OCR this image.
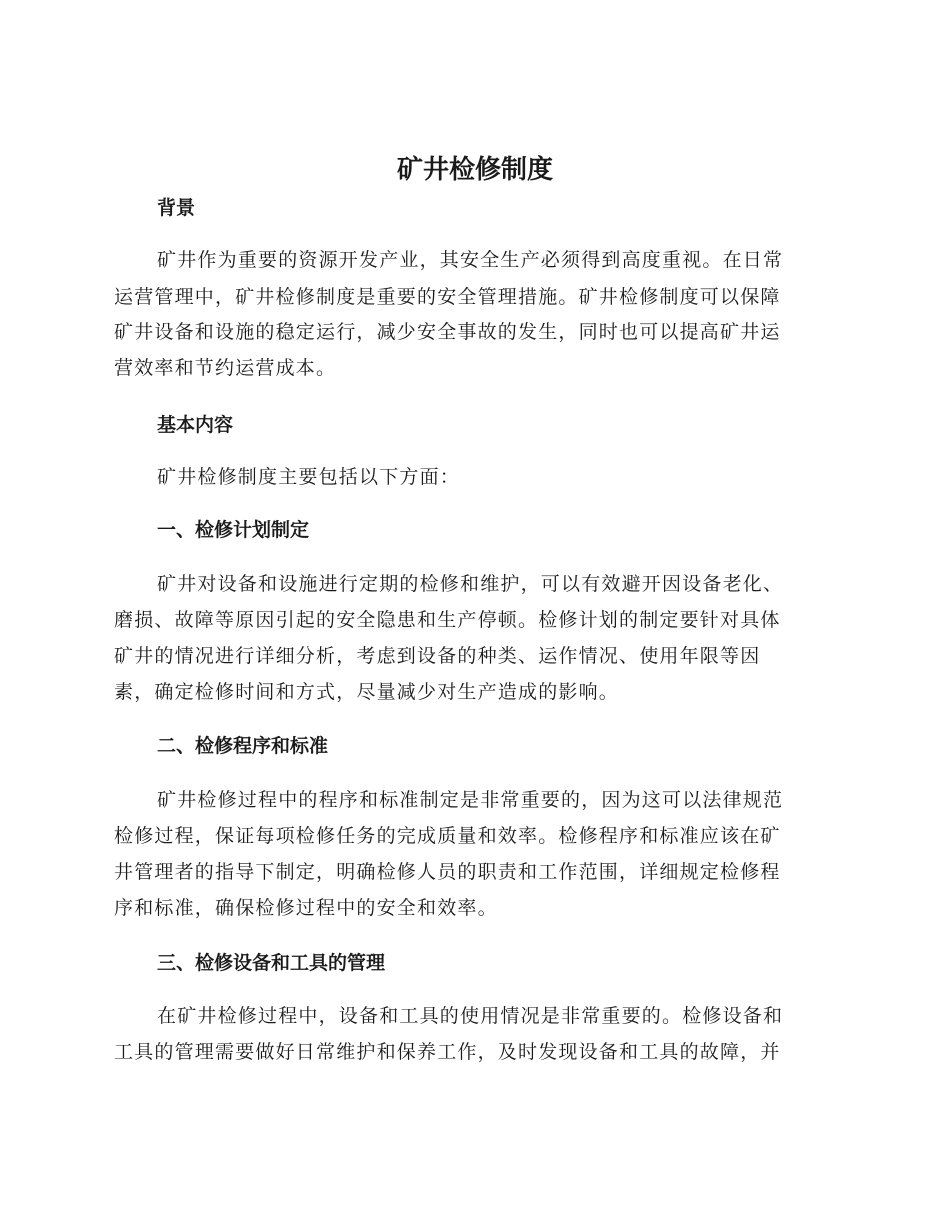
矿井检修制度
背景
矿井作为重要的资源开发产业，其安全生产必须得到高度重视。在日常
运营管理中，矿井检修制度是重要的安全管理措施。矿井检修制度可以保障
矿井设备和设施的稳定运行，减少安全事故的发生，同时也可以提高矿井运
营效率和节约运营成本。
基本内容
矿井检修制度主要包括以下方面：
一、检修计划制定
矿井对设备和设施进行定期的检修和维护，可以有效避开因设备老化、
磨损、故障等原因引起的安全隐患和生产停顿。检修计划的制定要针对具体
矿井的情况进行详细分析，考虑到设备的种类、运作情况、使用年限等因
素，确定检修时间和方式，尽量减少对生产造成的影响。
二、检修程序和标准
矿井检修过程中的程序和标准制定是非常重要的，因为这可以法律规范
检修过程，保证每项检修任务的完成质量和效率。检修程序和标准应该在矿
井管理者的指导下制定，明确检修人员的职责和工作范围，详细规定检修程
序和标准，确保检修过程中的安全和效率。
三、检修设备和工具的管理
在矿井检修过程中，设备和工具的使用情况是非常重要的。检修设备和
工具的管理需要做好日常维护和保养工作，及时发现设备和工具的故障，并
